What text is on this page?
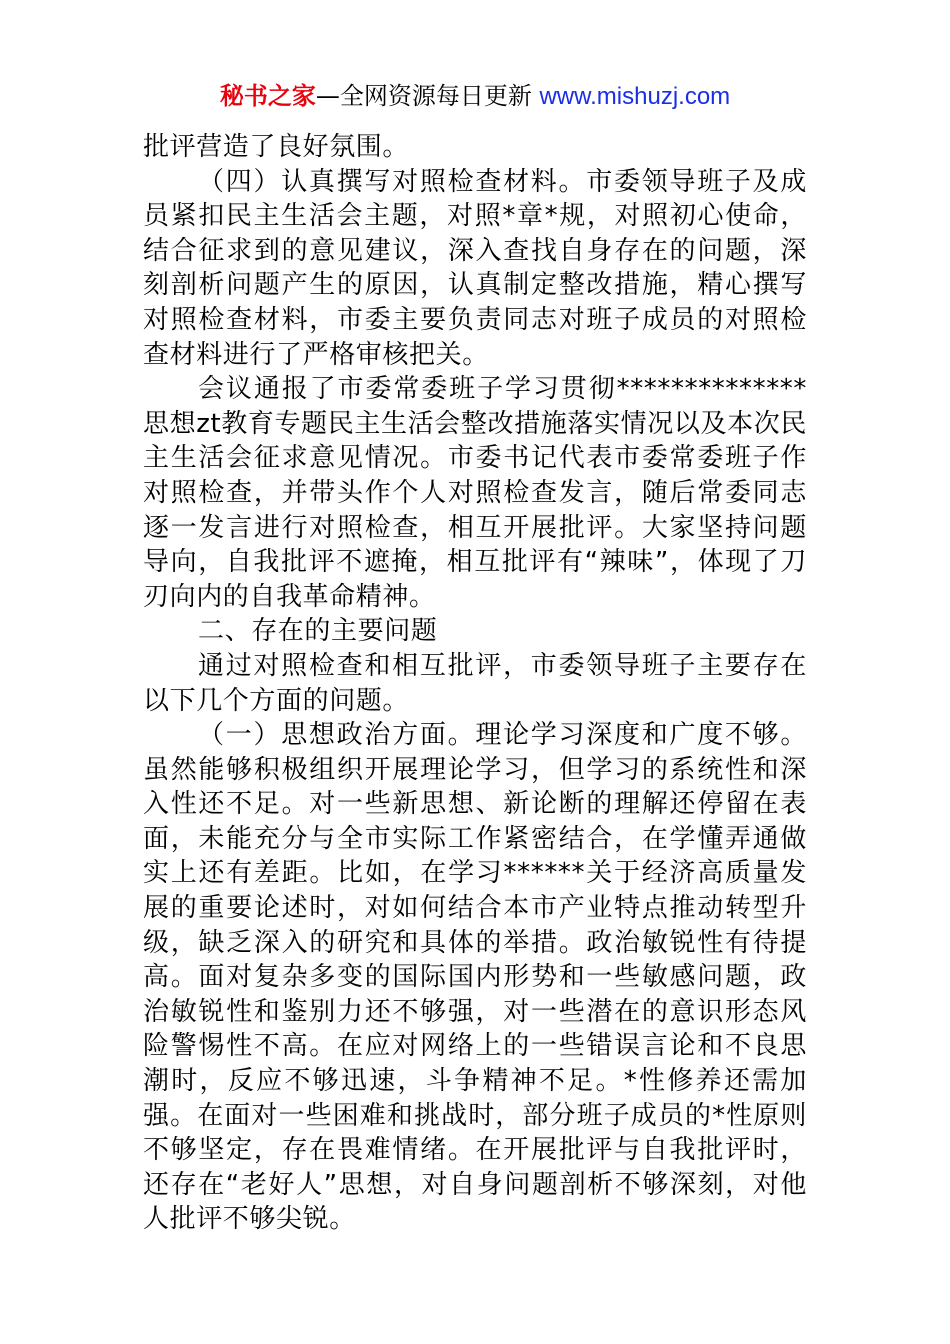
秘书之家—全网资源每日更新 www.mishuzj.com

批评营造了良好氛围。

（四）认真撰写对照检查材料。市委领导班子及成员紧扣民主生活会主题，对照*章*规，对照初心使命，结合征求到的意见建议，深入查找自身存在的问题，深刻剖析问题产生的原因，认真制定整改措施，精心撰写对照检查材料，市委主要负责同志对班子成员的对照检查材料进行了严格审核把关。

会议通报了市委常委班子学习贯彻**************思想zt教育专题民主生活会整改措施落实情况以及本次民主生活会征求意见情况。市委书记代表市委常委班子作对照检查，并带头作个人对照检查发言，随后常委同志逐一发言进行对照检查，相互开展批评。大家坚持问题导向，自我批评不遮掩，相互批评有“辣味”，体现了刀刃向内的自我革命精神。

二、存在的主要问题

通过对照检查和相互批评，市委领导班子主要存在以下几个方面的问题。

（一）思想政治方面。理论学习深度和广度不够。虽然能够积极组织开展理论学习，但学习的系统性和深入性还不足。对一些新思想、新论断的理解还停留在表面，未能充分与全市实际工作紧密结合，在学懂弄通做实上还有差距。比如，在学习******关于经济高质量发展的重要论述时，对如何结合本市产业特点推动转型升级，缺乏深入的研究和具体的举措。政治敏锐性有待提高。面对复杂多变的国际国内形势和一些敏感问题，政治敏锐性和鉴别力还不够强，对一些潜在的意识形态风险警惕性不高。在应对网络上的一些错误言论和不良思潮时，反应不够迅速，斗争精神不足。*性修养还需加强。在面对一些困难和挑战时，部分班子成员的*性原则不够坚定，存在畏难情绪。在开展批评与自我批评时，还存在“老好人”思想，对自身问题剖析不够深刻，对他人批评不够尖锐。
